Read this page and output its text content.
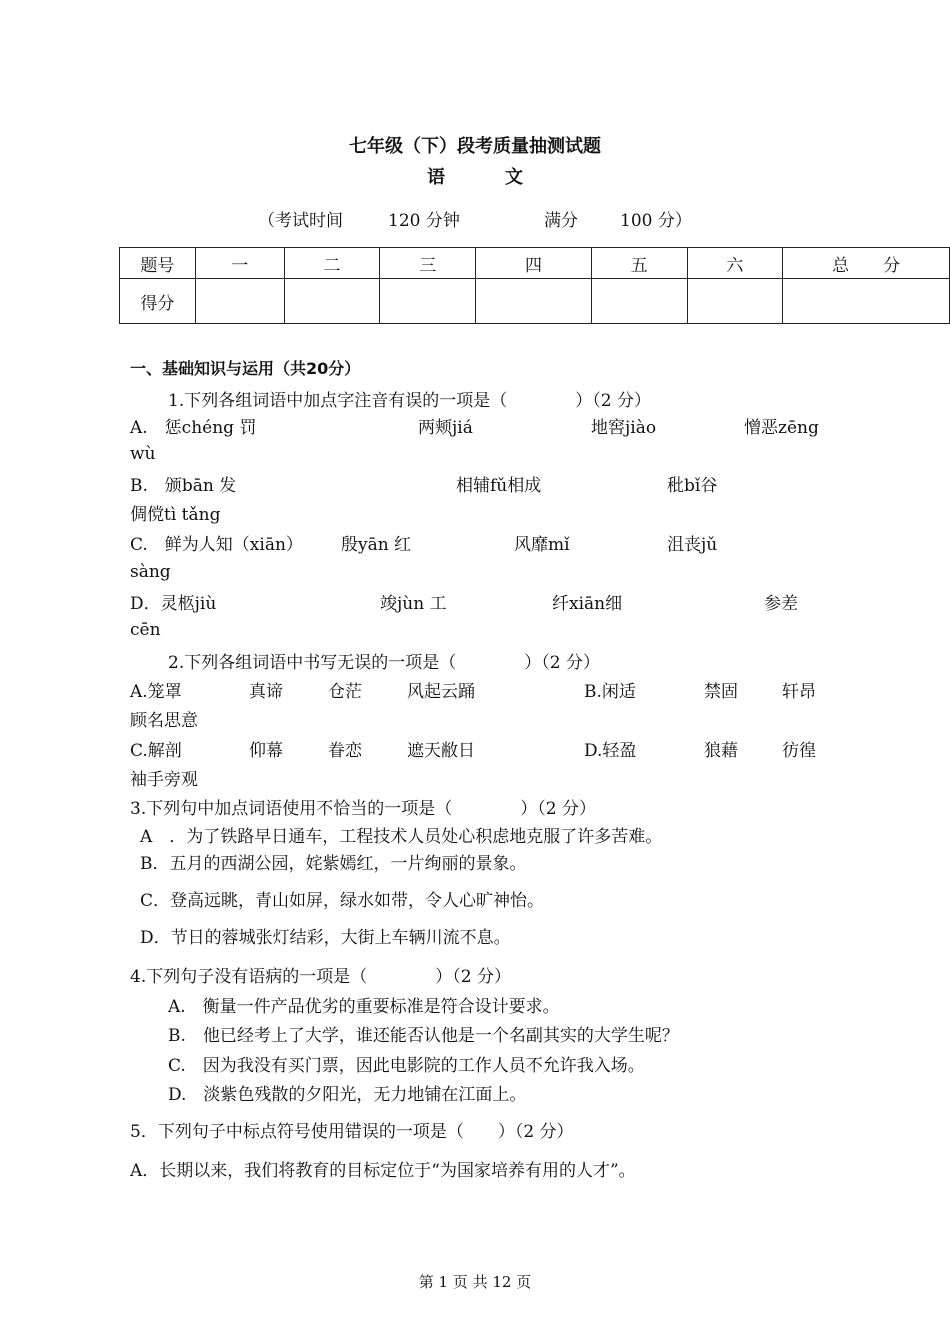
七年级（下）段考质量抽测试题
语文
（考试时间	120 分钟	满分 100 分）
题号	一	二	三	四	五	六	总　　分
得分							
一、基础知识与运用（共20分）
1.下列各组词语中加点字注音有误的一项是（　　　　）（2 分）
A.　惩chéng 罚	两颊jiá	地窖jiào	憎恶zēng
wù
B.　颁bān 发	相辅fǔ相成	秕bǐ谷
倜傥tì tǎng
C.　鲜为人知（xiān） 殷yān 红	风靡mǐ	沮丧jǔ
sàng
D．灵柩jiù	竣jùn 工	纤xiān细	参差
cēn
2.下列各组词语中书写无误的一项是（　　　　）（2 分）
A.笼罩	真谛	仓茫	风起云踊	B.闲适	禁固	轩昂
顾名思意
C.解剖	仰幕	眷恋	遮天敝日	D.轻盈	狼藉	彷徨
袖手旁观
3.下列句中加点词语使用不恰当的一项是（　　　　）（2 分）
A　．为了铁路早日通车，工程技术人员处心积虑地克服了许多苦难。
B．五月的西湖公园，姹紫嫣红，一片绚丽的景象。
C．登高远眺，青山如屏，绿水如带，令人心旷神怡。
D．节日的蓉城张灯结彩，大街上车辆川流不息。
4.下列句子没有语病的一项是（　　　　）（2 分）
A.　衡量一件产品优劣的重要标准是符合设计要求。
B.　他已经考上了大学，谁还能否认他是一个名副其实的大学生呢？
C.　因为我没有买门票，因此电影院的工作人员不允许我入场。
D.　淡紫色残散的夕阳光，无力地铺在江面上。
5．下列句子中标点符号使用错误的一项是（　　）（2 分）
A．长期以来，我们将教育的目标定位于“为国家培养有用的人才”。
第 1 页 共 12 页
